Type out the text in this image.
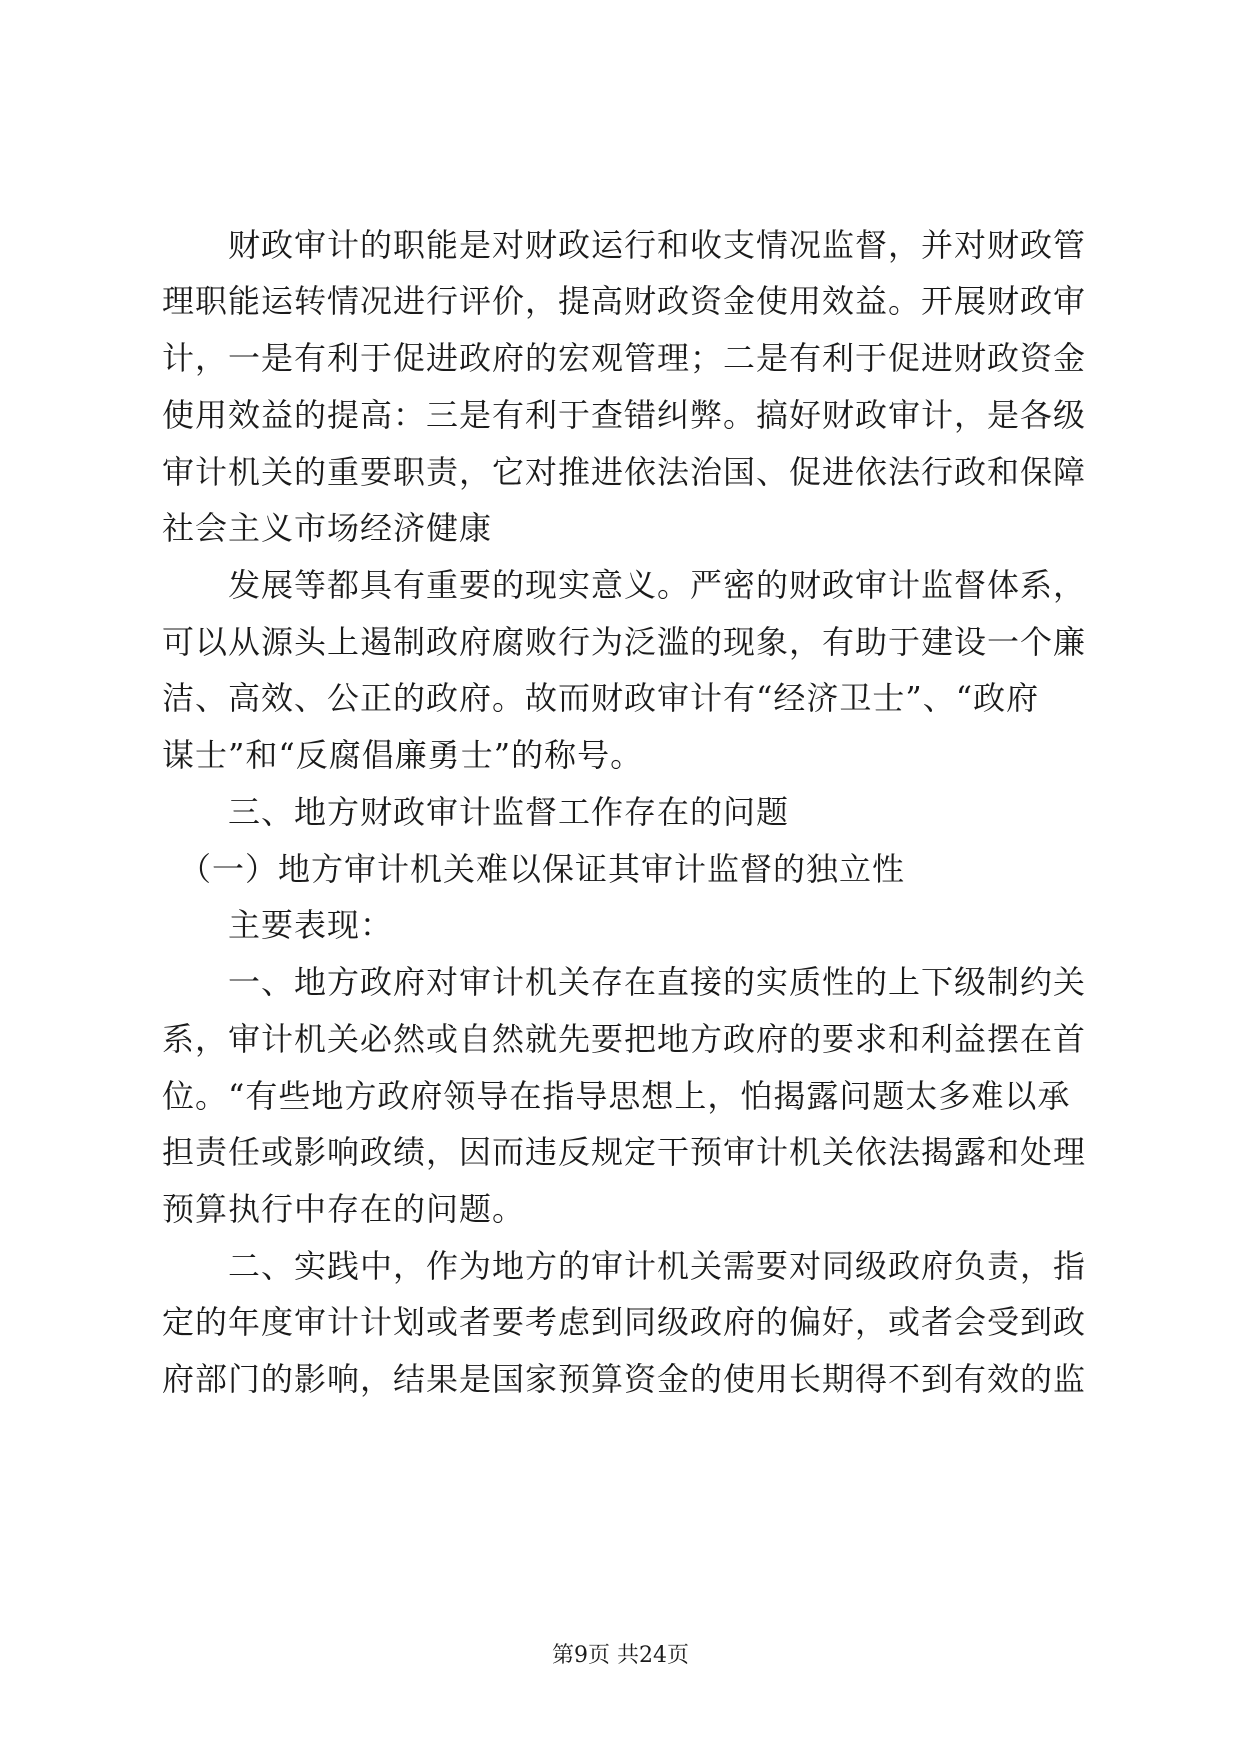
　　财政审计的职能是对财政运行和收支情况监督，并对财政管
理职能运转情况进行评价，提高财政资金使用效益。开展财政审
计，一是有利于促进政府的宏观管理；二是有利于促进财政资金
使用效益的提高：三是有利于查错纠弊。搞好财政审计，是各级
审计机关的重要职责，它对推进依法治国、促进依法行政和保障
社会主义市场经济健康
　　发展等都具有重要的现实意义。严密的财政审计监督体系，
可以从源头上遏制政府腐败行为泛滥的现象，有助于建设一个廉
洁、高效、公正的政府。故而财政审计有“经济卫士”、“政府
谋士”和“反腐倡廉勇士”的称号。
　　三、地方财政审计监督工作存在的问题
　（一）地方审计机关难以保证其审计监督的独立性
　　主要表现：
　　一、地方政府对审计机关存在直接的实质性的上下级制约关
系，审计机关必然或自然就先要把地方政府的要求和利益摆在首
位。“有些地方政府领导在指导思想上，怕揭露问题太多难以承
担责任或影响政绩，因而违反规定干预审计机关依法揭露和处理
预算执行中存在的问题。
　　二、实践中，作为地方的审计机关需要对同级政府负责，指
定的年度审计计划或者要考虑到同级政府的偏好，或者会受到政
府部门的影响，结果是国家预算资金的使用长期得不到有效的监
第9页 共24页
